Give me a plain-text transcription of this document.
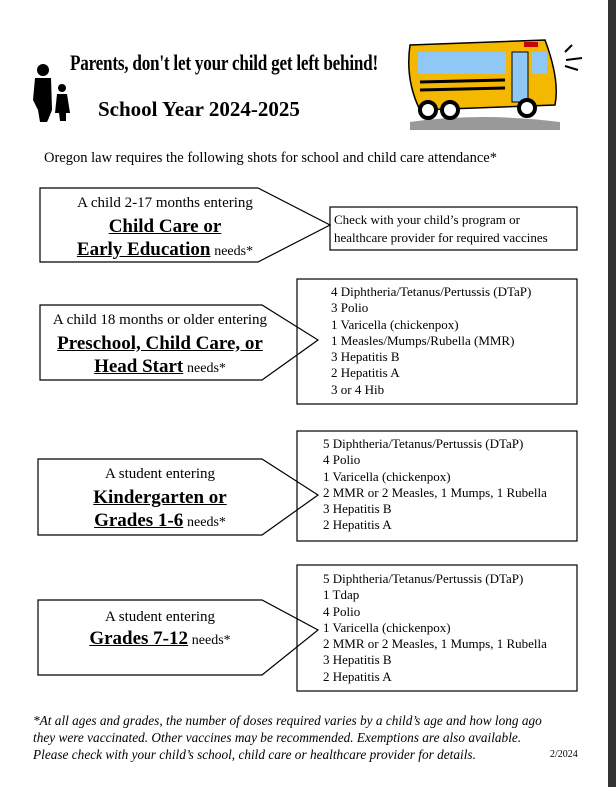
Parents, don't let your child get left behind!
School Year 2024-2025
Oregon law requires the following shots for school and child care attendance*
A child 2-17 months entering
Child Care or
Early Education needs*
Check with your child’s program or
healthcare provider for required vaccines
A child 18 months or older entering
Preschool, Child Care, or
Head Start needs*
4 Diphtheria/Tetanus/Pertussis (DTaP)
3 Polio
1 Varicella (chickenpox)
1 Measles/Mumps/Rubella (MMR)
3 Hepatitis B
2 Hepatitis A
3 or 4 Hib
A student entering
Kindergarten or
Grades 1-6 needs*
5 Diphtheria/Tetanus/Pertussis (DTaP)
4 Polio
1 Varicella (chickenpox)
2 MMR or 2 Measles, 1 Mumps, 1 Rubella
3 Hepatitis B
2 Hepatitis A
A student entering
Grades 7-12 needs*
5 Diphtheria/Tetanus/Pertussis (DTaP)
1 Tdap
4 Polio
1 Varicella (chickenpox)
2 MMR or 2 Measles, 1 Mumps, 1 Rubella
3 Hepatitis B
2 Hepatitis A
*At all ages and grades, the number of doses required varies by a child’s age and how long ago
they were vaccinated. Other vaccines may be recommended. Exemptions are also available.
Please check with your child’s school, child care or healthcare provider for details.	2/2024
